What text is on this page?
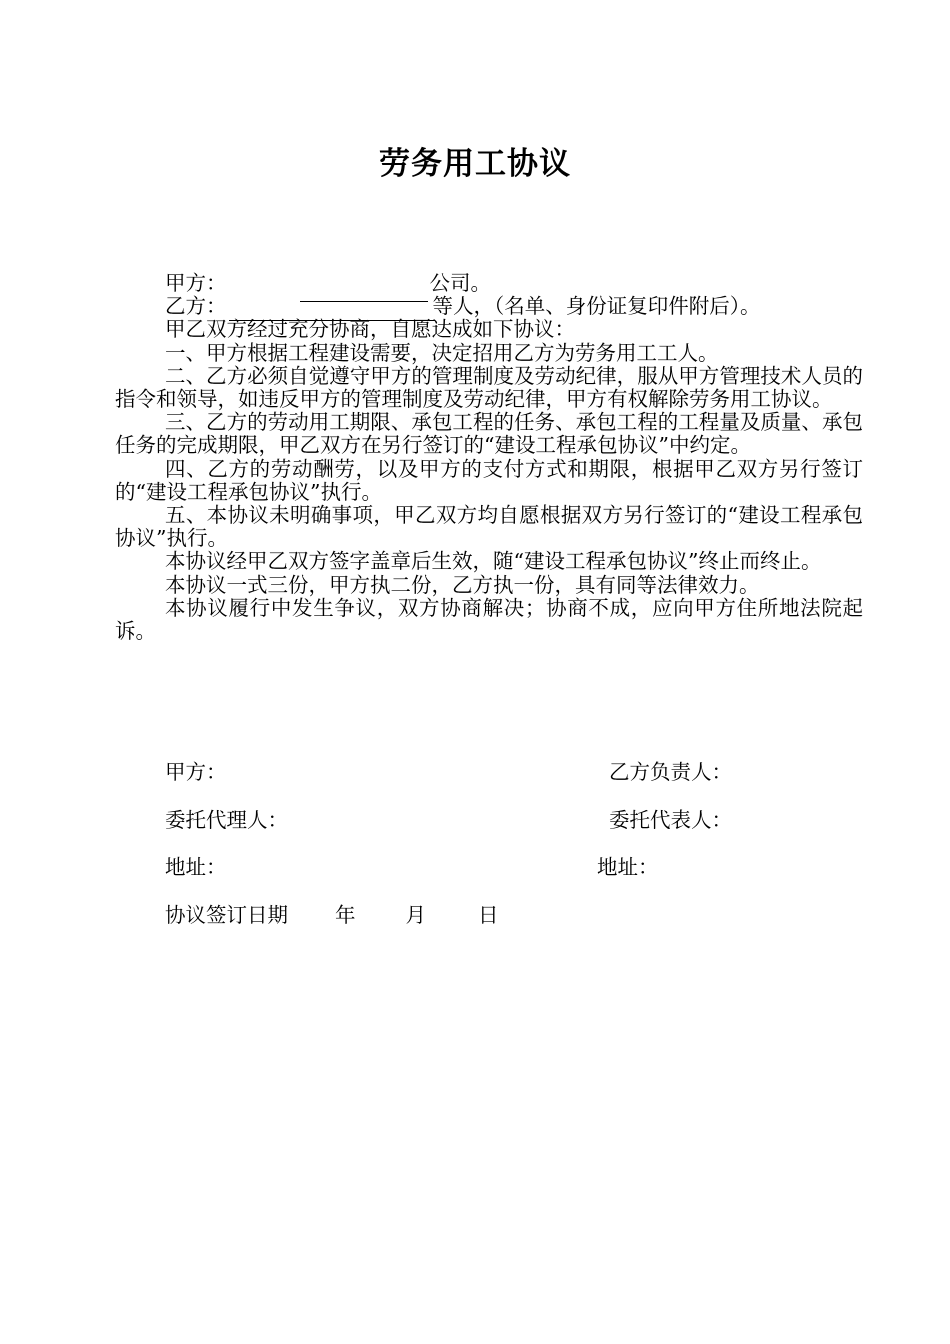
劳务用工协议

甲方：	公司。

乙方：	等人，（名单、身份证复印件附后）。

甲乙双方经过充分协商，自愿达成如下协议：

一、甲方根据工程建设需要，决定招用乙方为劳务用工工人。

二、乙方必须自觉遵守甲方的管理制度及劳动纪律，服从甲方管理技术人员的指令和领导，如违反甲方的管理制度及劳动纪律，甲方有权解除劳务用工协议。

三、乙方的劳动用工期限、承包工程的任务、承包工程的工程量及质量、承包任务的完成期限，甲乙双方在另行签订的“建设工程承包协议”中约定。

四、乙方的劳动酬劳，以及甲方的支付方式和期限，根据甲乙双方另行签订的“建设工程承包协议”执行。

五、本协议未明确事项，甲乙双方均自愿根据双方另行签订的“建设工程承包协议”执行。

本协议经甲乙双方签字盖章后生效，随“建设工程承包协议”终止而终止。

本协议一式三份，甲方执二份，乙方执一份，具有同等法律效力。

本协议履行中发生争议，双方协商解决；协商不成，应向甲方住所地法院起诉。

甲方：	乙方负责人：
委托代理人：	委托代表人：
地址：	地址：
协议签订日期 年 月	日
